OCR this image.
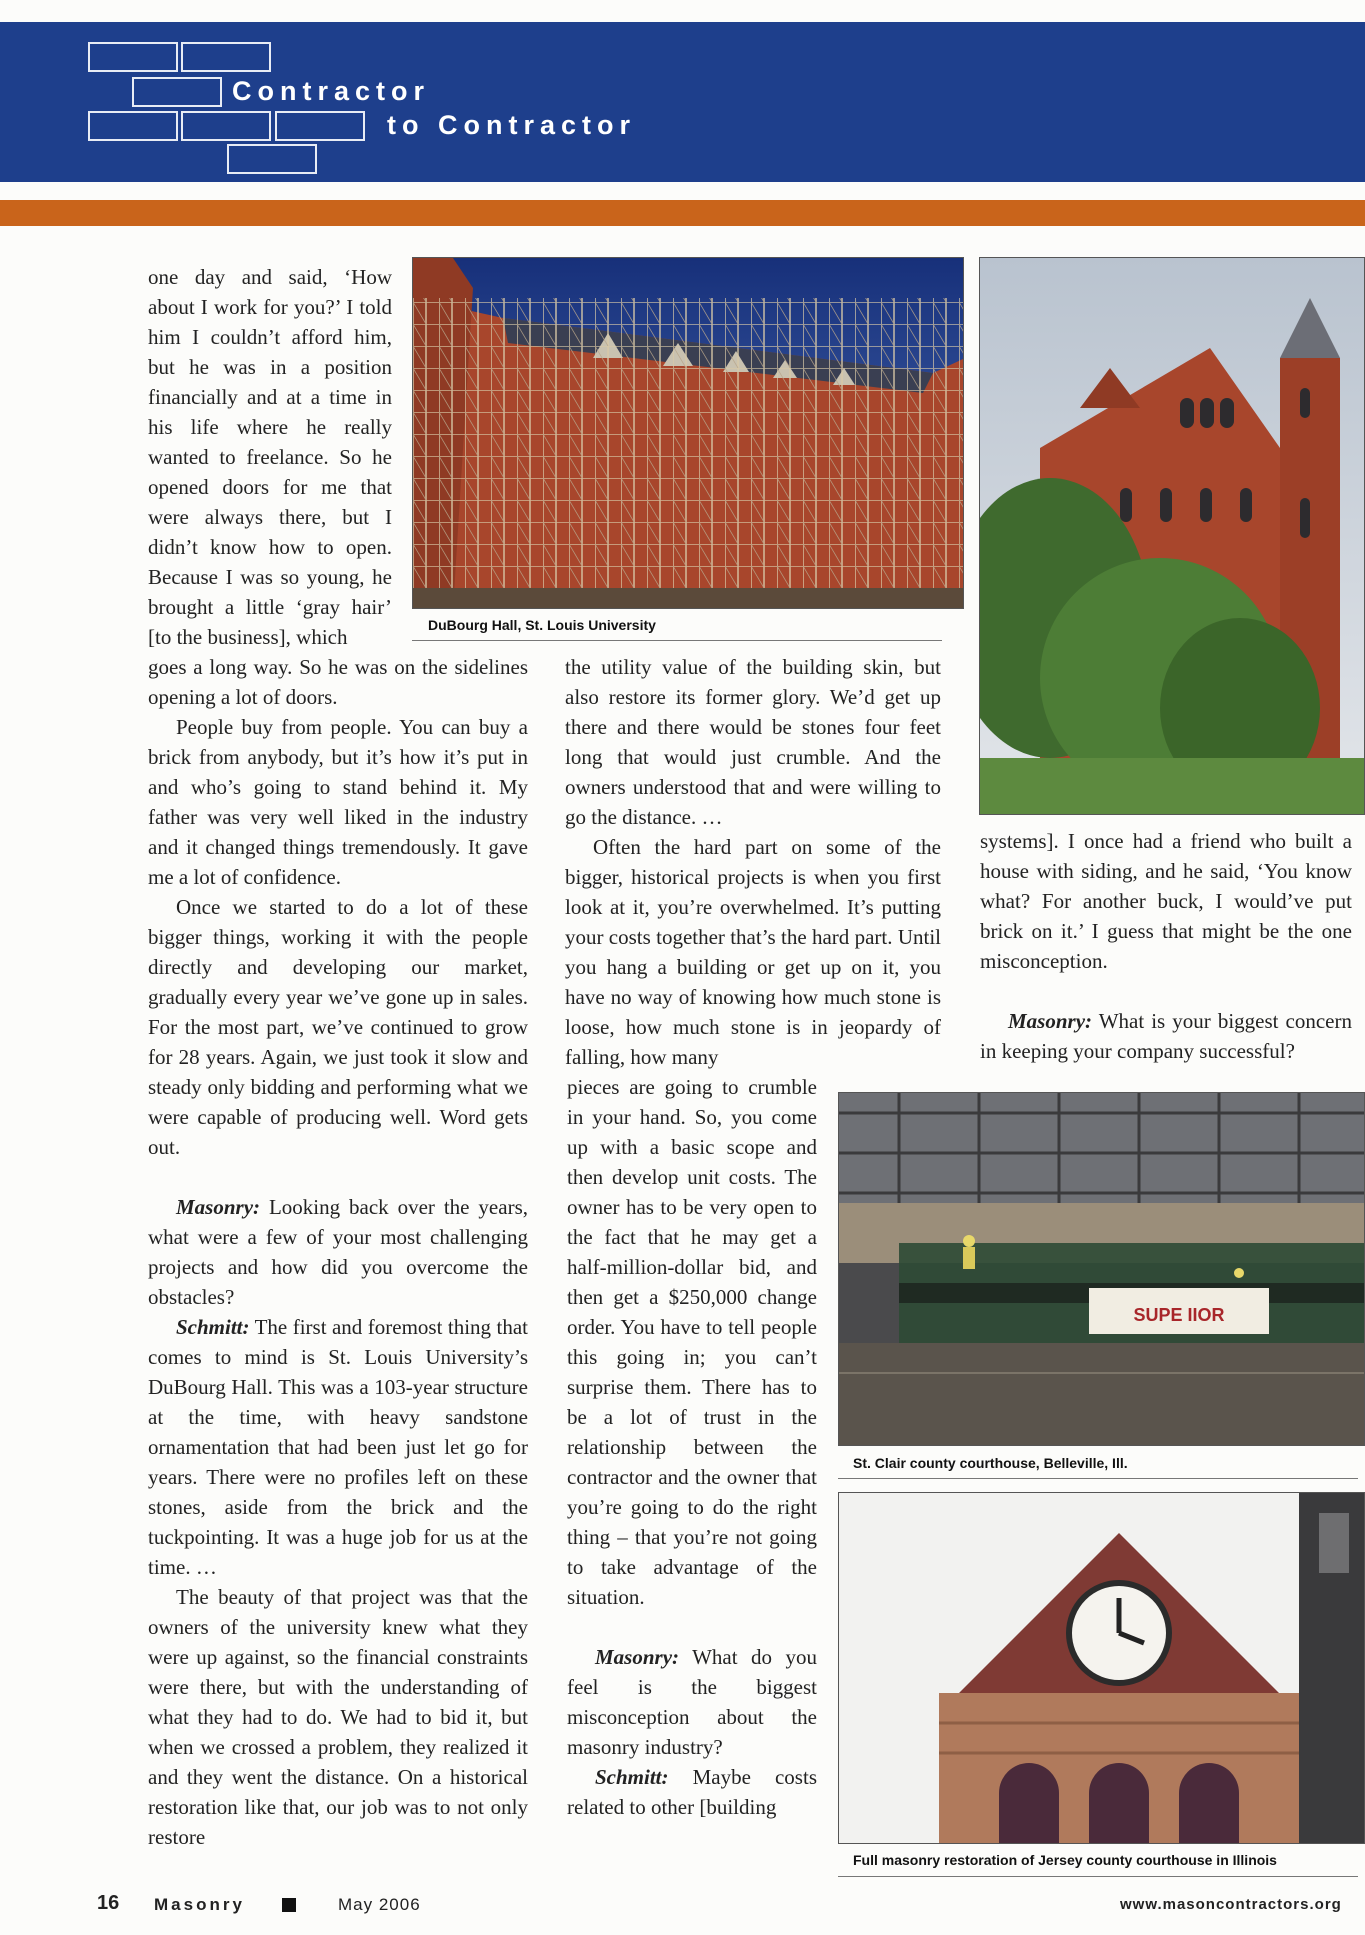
Contractor
to Contractor

one day and said, ‘How about I work for you?’ I told him I couldn’t afford him, but he was in a position financially and at a time in his life where he really wanted to freelance. So he opened doors for me that were always there, but I didn’t know how to open. Because I was so young, he brought a little ‘gray hair’ [to the business], which

goes a long way. So he was on the sidelines opening a lot of doors.

People buy from people. You can buy a brick from anybody, but it’s how it’s put in and who’s going to stand behind it. My father was very well liked in the industry and it changed things tremendously. It gave me a lot of confidence.

Once we started to do a lot of these bigger things, working it with the people directly and developing our market, gradually every year we’ve gone up in sales. For the most part, we’ve continued to grow for 28 years. Again, we just took it slow and steady only bidding and performing what we were capable of producing well. Word gets out.

Masonry: Looking back over the years, what were a few of your most challenging projects and how did you overcome the obstacles?

Schmitt: The first and foremost thing that comes to mind is St. Louis University’s DuBourg Hall. This was a 103-year structure at the time, with heavy sandstone ornamentation that had been just let go for years. There were no profiles left on these stones, aside from the brick and the tuckpointing. It was a huge job for us at the time. …

The beauty of that project was that the owners of the university knew what they were up against, so the financial constraints were there, but with the understanding of what they had to do. We had to bid it, but when we crossed a problem, they realized it and they went the distance. On a historical restoration like that, our job was to not only restore

the utility value of the building skin, but also restore its former glory. We’d get up there and there would be stones four feet long that would just crumble. And the owners understood that and were willing to go the distance. …

Often the hard part on some of the bigger, historical projects is when you first look at it, you’re overwhelmed. It’s putting your costs together that’s the hard part. Until you hang a building or get up on it, you have no way of knowing how much stone is loose, how much stone is in jeopardy of falling, how many

pieces are going to crumble in your hand. So, you come up with a basic scope and then develop unit costs. The owner has to be very open to the fact that he may get a half-million-dollar bid, and then get a $250,000 change order. You have to tell people this going in; you can’t surprise them. There has to be a lot of trust in the relationship between the contractor and the owner that you’re going to do the right thing – that you’re not going to take advantage of the situation.

Masonry: What do you feel is the biggest misconception about the masonry industry?

Schmitt: Maybe costs related to other [building

systems]. I once had a friend who built a house with siding, and he said, ‘You know what? For another buck, I would’ve put brick on it.’ I guess that might be the one misconception.

Masonry: What is your biggest concern in keeping your company successful?

DuBourg Hall, St. Louis University
SUPE IIOR
St. Clair county courthouse, Belleville, Ill.
Full masonry restoration of Jersey county courthouse in Illinois
16 Masonry	May 2006	www.masoncontractors.org
